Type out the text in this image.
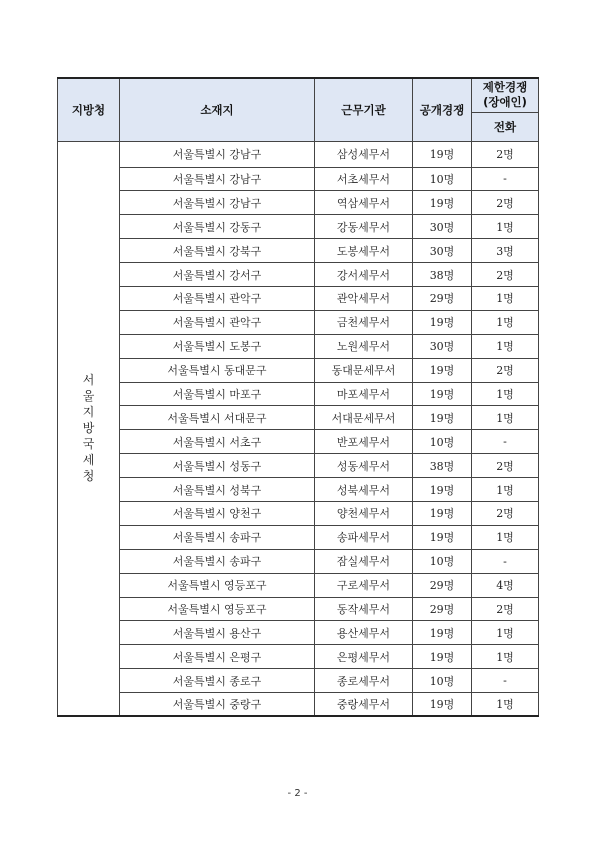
지방청	소재지	근무기관	공개경쟁	제한경쟁
(장애인)
				전화
서울지방국세청	서울특별시 강남구	삼성세무서	19명	2명
	서울특별시 강남구	서초세무서	10명	-
	서울특별시 강남구	역삼세무서	19명	2명
	서울특별시 강동구	강동세무서	30명	1명
	서울특별시 강북구	도봉세무서	30명	3명
	서울특별시 강서구	강서세무서	38명	2명
	서울특별시 관악구	관악세무서	29명	1명
	서울특별시 관악구	금천세무서	19명	1명
	서울특별시 도봉구	노원세무서	30명	1명
	서울특별시 동대문구	동대문세무서	19명	2명
	서울특별시 마포구	마포세무서	19명	1명
	서울특별시 서대문구	서대문세무서	19명	1명
	서울특별시 서초구	반포세무서	10명	-
	서울특별시 성동구	성동세무서	38명	2명
	서울특별시 성북구	성북세무서	19명	1명
	서울특별시 양천구	양천세무서	19명	2명
	서울특별시 송파구	송파세무서	19명	1명
	서울특별시 송파구	잠실세무서	10명	-
	서울특별시 영등포구	구로세무서	29명	4명
	서울특별시 영등포구	동작세무서	29명	2명
	서울특별시 용산구	용산세무서	19명	1명
	서울특별시 은평구	은평세무서	19명	1명
	서울특별시 종로구	종로세무서	10명	-
	서울특별시 중랑구	중랑세무서	19명	1명
- 2 -
